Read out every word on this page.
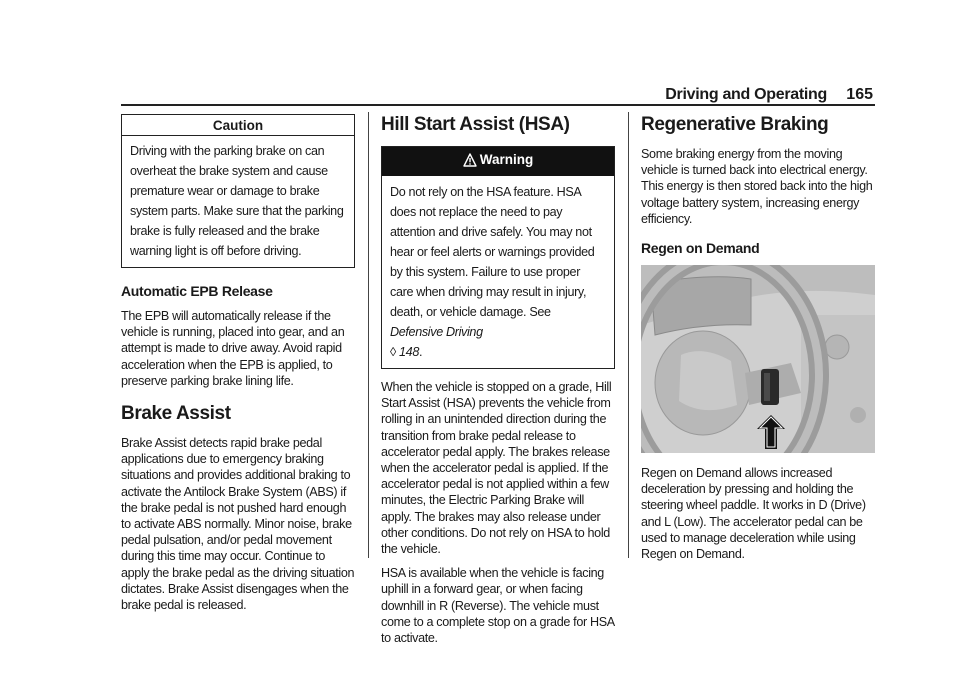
Driving and Operating 165
Caution
Driving with the parking brake on can overheat the brake system and cause premature wear or damage to brake system parts. Make sure that the parking brake is fully released and the brake warning light is off before driving.
Automatic EPB Release

The EPB will automatically release if the vehicle is running, placed into gear, and an attempt is made to drive away. Avoid rapid acceleration when the EPB is applied, to preserve parking brake lining life.

Brake Assist

Brake Assist detects rapid brake pedal applications due to emergency braking situations and provides additional braking to activate the Antilock Brake System (ABS) if the brake pedal is not pushed hard enough to activate ABS normally. Minor noise, brake pedal pulsation, and/or pedal movement during this time may occur. Continue to apply the brake pedal as the driving situation dictates. Brake Assist disengages when the brake pedal is released.

Hill Start Assist (HSA)
Warning
Do not rely on the HSA feature. HSA does not replace the need to pay attention and drive safely. You may not hear or feel alerts or warnings provided by this system. Failure to use proper care when driving may result in injury, death, or vehicle damage. See Defensive Driving
◊ 148.

When the vehicle is stopped on a grade, Hill Start Assist (HSA) prevents the vehicle from rolling in an unintended direction during the transition from brake pedal release to accelerator pedal apply. The brakes release when the accelerator pedal is applied. If the accelerator pedal is not applied within a few minutes, the Electric Parking Brake will apply. The brakes may also release under other conditions. Do not rely on HSA to hold the vehicle.

HSA is available when the vehicle is facing uphill in a forward gear, or when facing downhill in R (Reverse). The vehicle must come to a complete stop on a grade for HSA to activate.

Regenerative Braking

Some braking energy from the moving vehicle is turned back into electrical energy. This energy is then stored back into the high voltage battery system, increasing energy efficiency.

Regen on Demand

Regen on Demand allows increased deceleration by pressing and holding the steering wheel paddle. It works in D (Drive) and L (Low). The accelerator pedal can be used to manage deceleration while using Regen on Demand.
